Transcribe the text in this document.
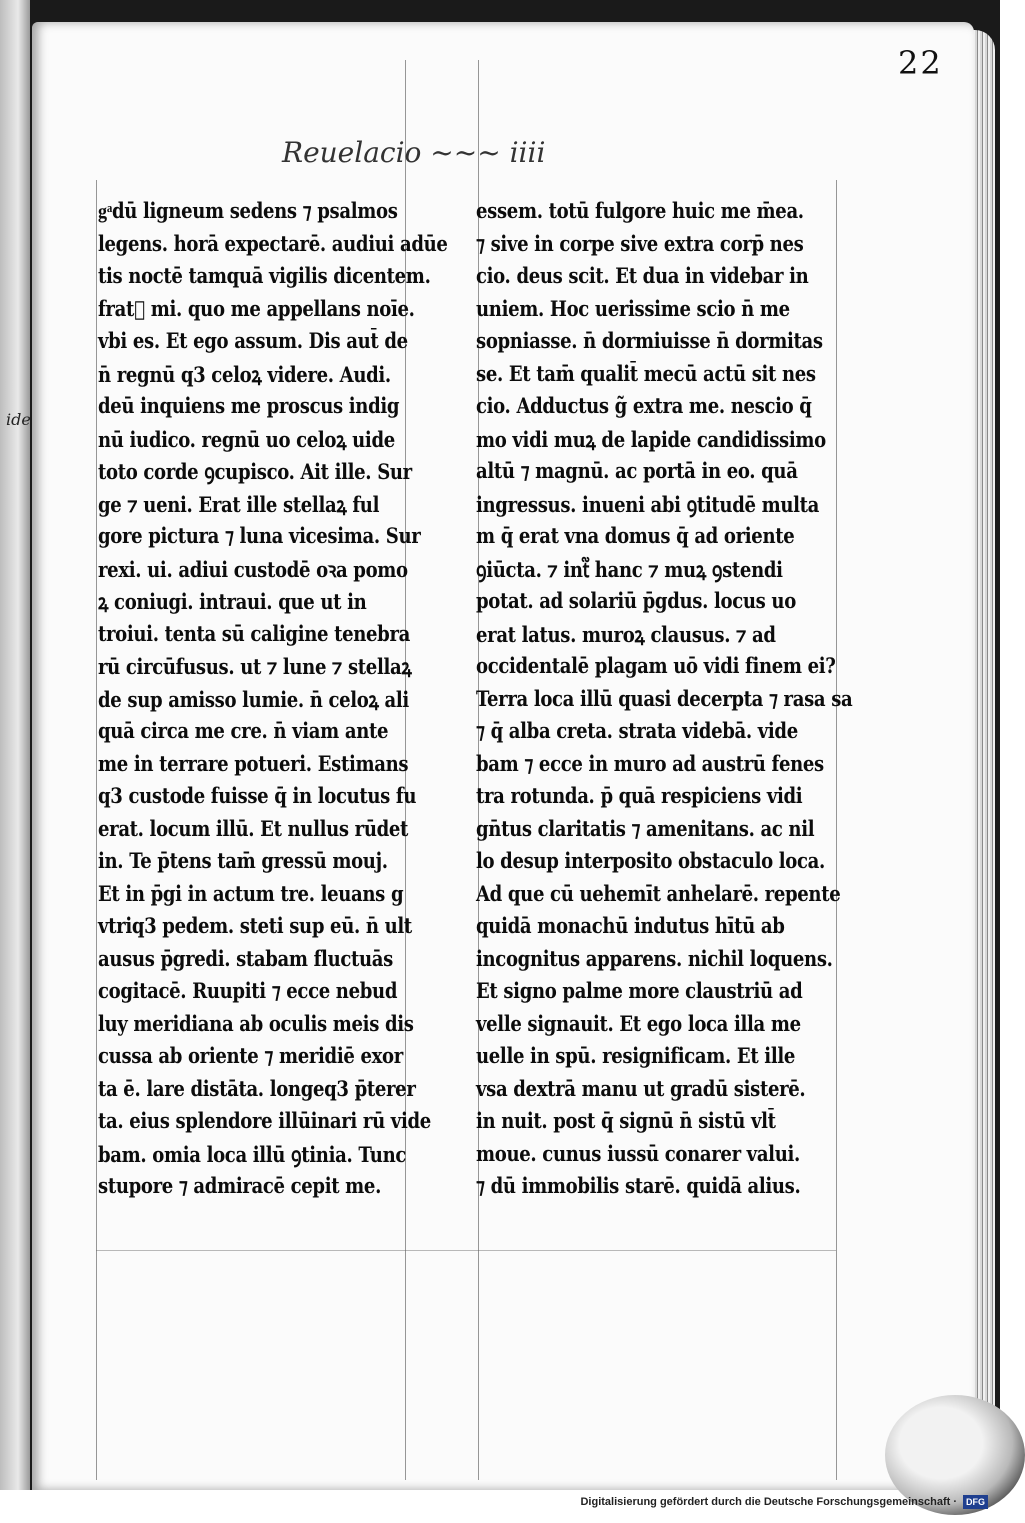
ide
22
Reuelacio ~~~ iiii
gͣdū ligneum sedens ⁊ psalmos
legens. horā expectarē. audiui adūe
tis noctē tamquā vigilis dicentem.
frat᷑ mi. quo me appellans noīe.
vbi es. Et ego assum. Dis aut̄ de
n̄ regnū q3 celoꝝ videre. Audi.
deū inquiens me proscus indig
nū iudico. regnū uo celoꝝ uide
toto corde ꝯcupisco. Ait ille. Sur
ge ⁊ ueni. Erat ille stellaꝝ ful
gore pictura ⁊ luna vicesima. Sur
rexi. ui. adiui custodē oꝛa pomo
ꝝ coniugi. intraui. que ut in
troiui. tenta sū caligine tenebra
rū circūfusus. ut ⁊ lune ⁊ stellaꝝ
de sup amisso lumie. n̄ celoꝝ ali
quā circa me cre. n̄ viam ante
me in terrare potueri. Estimans
q3 custode fuisse q̄ in locutus fu
erat. locum illū. Et nullus rūdet
in. Te p̄tens tam̄ gressū mouj.
Et in p̄gi in actum tre. leuans g
vtriq3 pedem. steti sup eū. n̄ ult
ausus p̄gredi. stabam fluctuās
cogitacē. Ruupiti ⁊ ecce nebud
luy meridiana ab oculis meis dis
cussa ab oriente ⁊ meridiē exor
ta ē. lare distāta. longeq3 p̄terer
ta. eius splendore illūinari rū vide
bam. omia loca illū ꝯtinia. Tunc
stupore ⁊ admiracē cepit me.
essem. totū fulgore huic me m̄ea.
⁊ sive in corpe sive extra corp̄ nes
cio. deus scit. Et dua in videbar in
uniem. Hoc uerissime scio n̄ me
sopniasse. n̄ dormiuisse n̄ dormitas
se. Et tam̄ qualit̄ mecū actū sit nes
cio. Adductus g̃ extra me. nescio q̄
mo vidi muꝝ de lapide candidissimo
altū ⁊ magnū. ac portā in eo. quā
ingressus. inueni abi ꝯtitudē multa
m q̄ erat vna domus q̄ ad oriente
ꝯiūcta. ⁊ int᷑ hanc ⁊ muꝝ ꝯstendi
potat. ad solariū p̄gdus. locus uo
erat latus. muroꝝ clausus. ⁊ ad
occidentalē plagam uō vidi finem ei?
Terra loca illū quasi decerpta ⁊ rasa sa
⁊ q̄ alba creta. strata videbā. vide
bam ⁊ ecce in muro ad austrū fenes
tra rotunda. p̄ quā respiciens vidi
gn̄tus claritatis ⁊ amenitans. ac nil
lo desup interposito obstaculo loca.
Ad que cū uehemīt anhelarē. repente
quidā monachū indutus hītū ab
incognitus apparens. nichil loquens.
Et signo palme more claustriū ad
velle signauit. Et ego loca illa me
uelle in spū. resignificam. Et ille
vsa dextrā manu ut gradū sisterē.
in nuit. post q̄ signū n̄ sistū vlt̄
moue. cunus iussū conarer valui.
⁊ dū immobilis starē. quidā alius.
Digitalisierung gefördert durch die Deutsche Forschungsgemeinschaft ·	DFG
